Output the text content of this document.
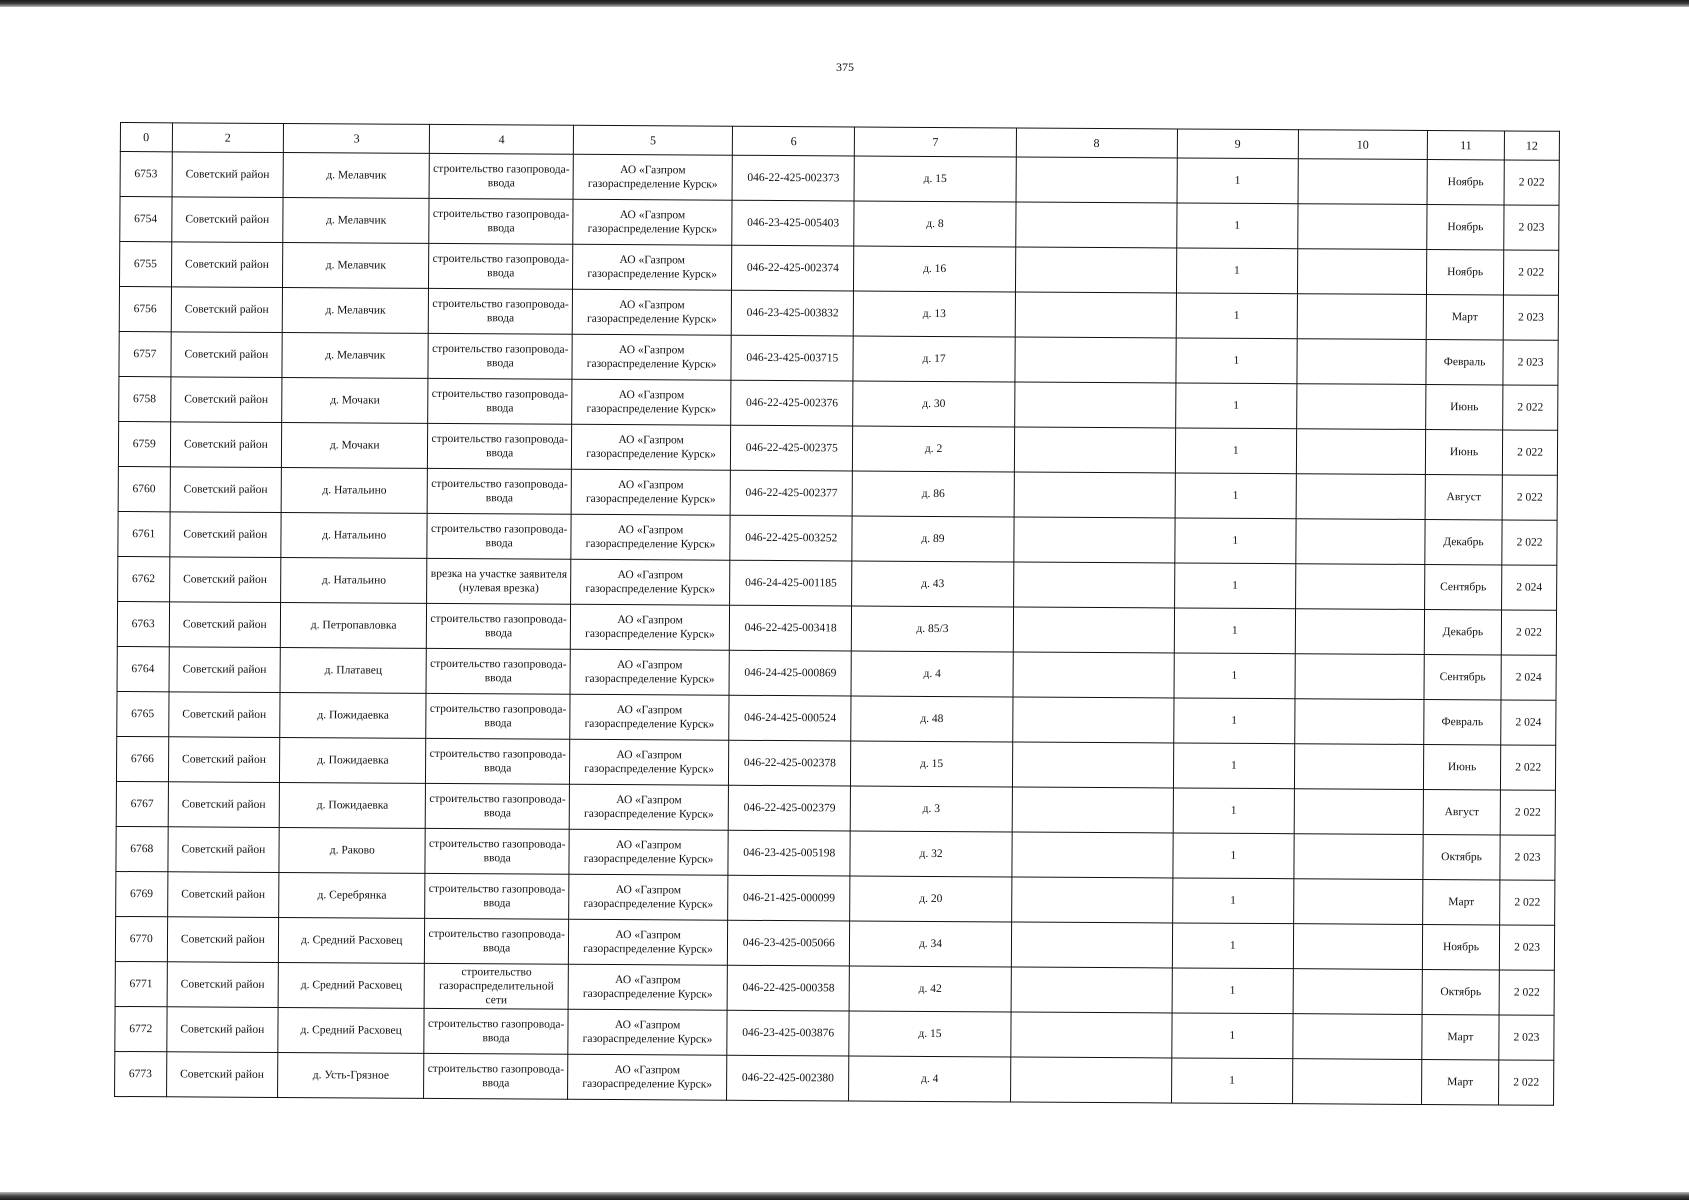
375
0	2	3	4	5	6	7	8	9	10	11	12
6753	Советский район	д. Мелавчик	строительство газопровода-ввода	АО «Газпром
газораспределение Курск»	046-22-425-002373	д. 15		1		Ноябрь	2 022
6754	Советский район	д. Мелавчик	строительство газопровода-ввода	АО «Газпром
газораспределение Курск»	046-23-425-005403	д. 8		1		Ноябрь	2 023
6755	Советский район	д. Мелавчик	строительство газопровода-ввода	АО «Газпром
газораспределение Курск»	046-22-425-002374	д. 16		1		Ноябрь	2 022
6756	Советский район	д. Мелавчик	строительство газопровода-ввода	АО «Газпром
газораспределение Курск»	046-23-425-003832	д. 13		1		Март	2 023
6757	Советский район	д. Мелавчик	строительство газопровода-ввода	АО «Газпром
газораспределение Курск»	046-23-425-003715	д. 17		1		Февраль	2 023
6758	Советский район	д. Мочаки	строительство газопровода-ввода	АО «Газпром
газораспределение Курск»	046-22-425-002376	д. 30		1		Июнь	2 022
6759	Советский район	д. Мочаки	строительство газопровода-ввода	АО «Газпром
газораспределение Курск»	046-22-425-002375	д. 2		1		Июнь	2 022
6760	Советский район	д. Натальино	строительство газопровода-ввода	АО «Газпром
газораспределение Курск»	046-22-425-002377	д. 86		1		Август	2 022
6761	Советский район	д. Натальино	строительство газопровода-ввода	АО «Газпром
газораспределение Курск»	046-22-425-003252	д. 89		1		Декабрь	2 022
6762	Советский район	д. Натальино	врезка на участке заявителя (нулевая врезка)	АО «Газпром
газораспределение Курск»	046-24-425-001185	д. 43		1		Сентябрь	2 024
6763	Советский район	д. Петропавловка	строительство газопровода-ввода	АО «Газпром
газораспределение Курск»	046-22-425-003418	д. 85/3		1		Декабрь	2 022
6764	Советский район	д. Платавец	строительство газопровода-ввода	АО «Газпром
газораспределение Курск»	046-24-425-000869	д. 4		1		Сентябрь	2 024
6765	Советский район	д. Пожидаевка	строительство газопровода-ввода	АО «Газпром
газораспределение Курск»	046-24-425-000524	д. 48		1		Февраль	2 024
6766	Советский район	д. Пожидаевка	строительство газопровода-ввода	АО «Газпром
газораспределение Курск»	046-22-425-002378	д. 15		1		Июнь	2 022
6767	Советский район	д. Пожидаевка	строительство газопровода-ввода	АО «Газпром
газораспределение Курск»	046-22-425-002379	д. 3		1		Август	2 022
6768	Советский район	д. Раково	строительство газопровода-ввода	АО «Газпром
газораспределение Курск»	046-23-425-005198	д. 32		1		Октябрь	2 023
6769	Советский район	д. Серебрянка	строительство газопровода-ввода	АО «Газпром
газораспределение Курск»	046-21-425-000099	д. 20		1		Март	2 022
6770	Советский район	д. Средний Расховец	строительство газопровода-ввода	АО «Газпром
газораспределение Курск»	046-23-425-005066	д. 34		1		Ноябрь	2 023
6771	Советский район	д. Средний Расховец	строительство газораспределительной сети	АО «Газпром
газораспределение Курск»	046-22-425-000358	д. 42		1		Октябрь	2 022
6772	Советский район	д. Средний Расховец	строительство газопровода-ввода	АО «Газпром
газораспределение Курск»	046-23-425-003876	д. 15		1		Март	2 023
6773	Советский район	д. Усть-Грязное	строительство газопровода-ввода	АО «Газпром
газораспределение Курск»	046-22-425-002380	д. 4		1		Март	2 022
